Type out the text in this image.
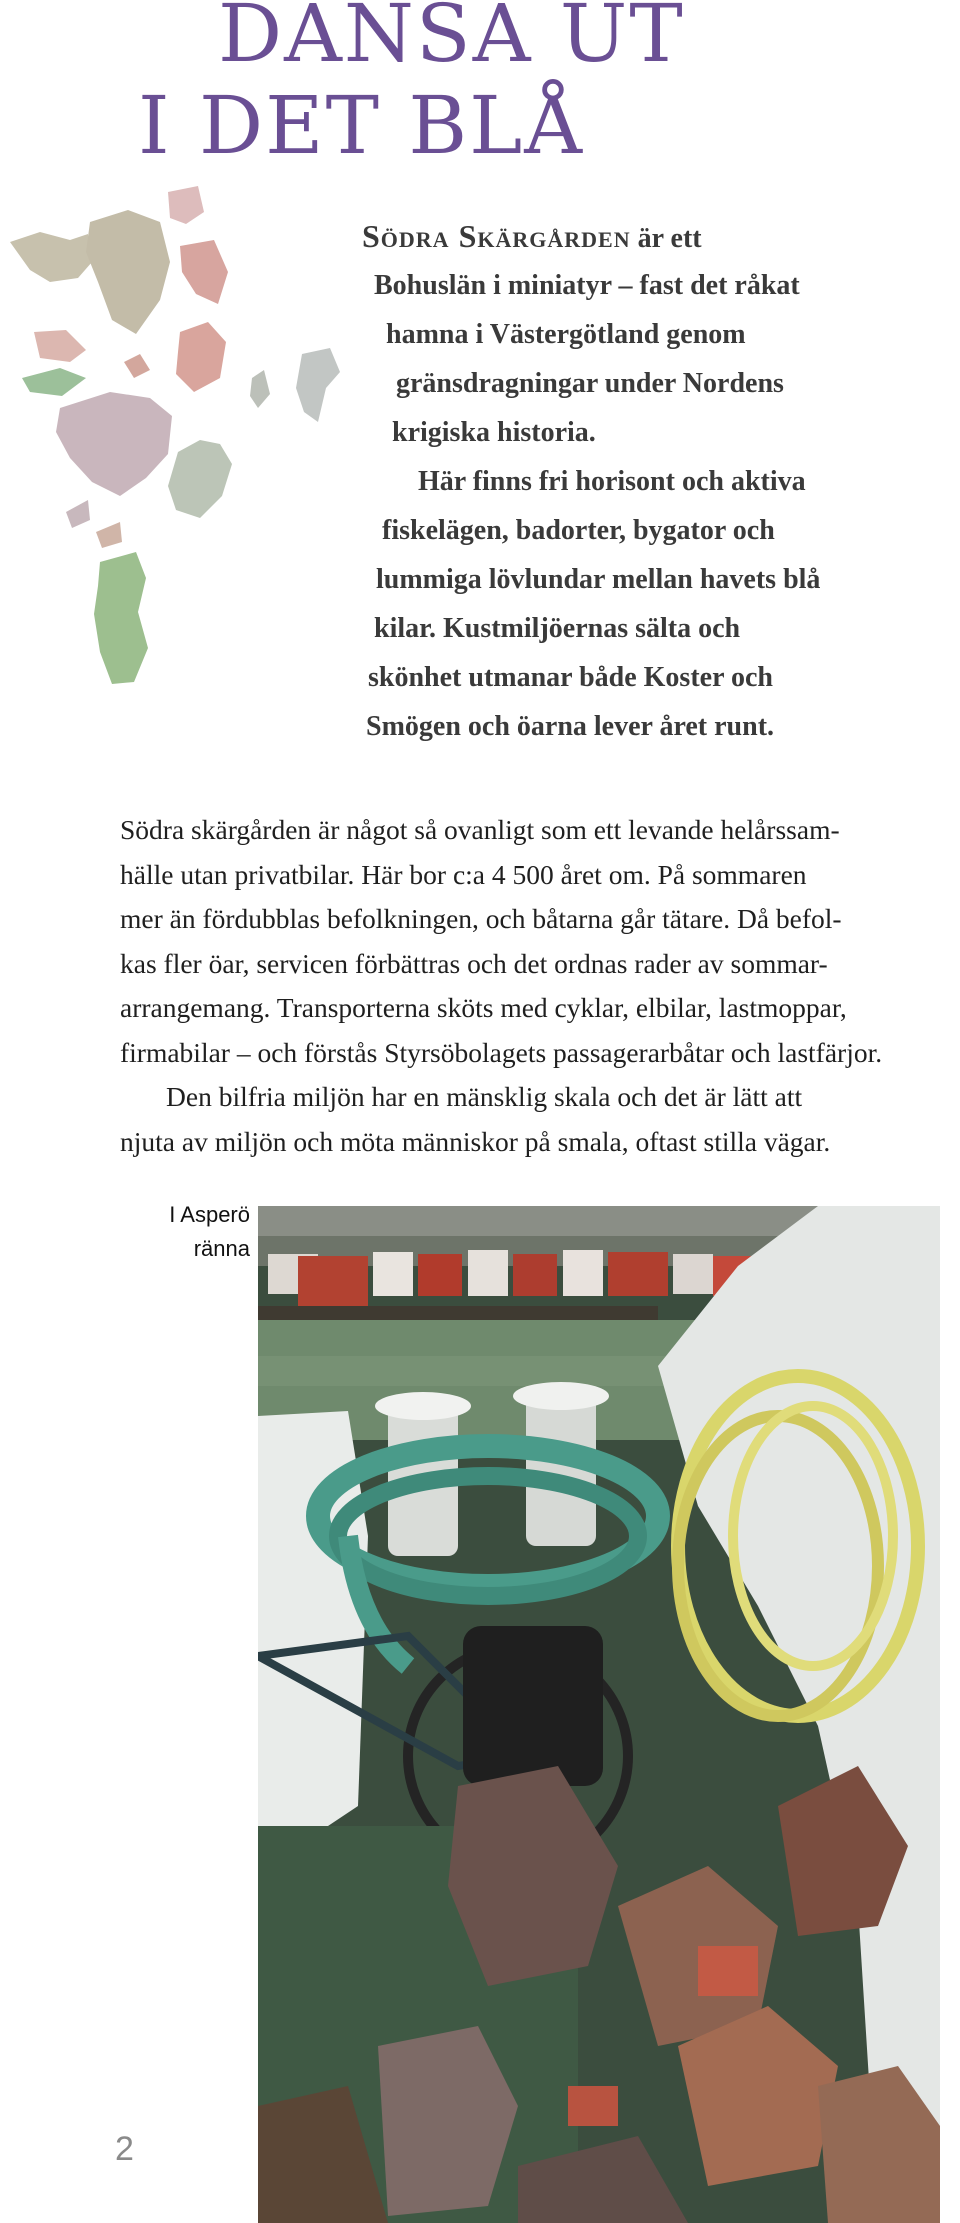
DANSA UT
I DET BLÅ
Södra Skärgården är ett
Bohuslän i miniatyr – fast det råkat
hamna i Västergötland genom
gränsdragningar under Nordens
krigiska historia.
Här finns fri horisont och aktiva
fiskelägen, badorter, bygator och
lummiga lövlundar mellan havets blå
kilar. Kustmiljöernas sälta och
skönhet utmanar både Koster och
Smögen och öarna lever året runt.
Södra skärgården är något så ovanligt som ett levande helårssam-
hälle utan privatbilar. Här bor c:a 4 500 året om. På sommaren
mer än fördubblas befolkningen, och båtarna går tätare. Då befol-
kas fler öar, servicen förbättras och det ordnas rader av sommar-
arrangemang. Transporterna sköts med cyklar, elbilar, lastmoppar,
firmabilar – och förstås Styrsöbolagets passagerarbåtar och lastfärjor.
Den bilfria miljön har en mänsklig skala och det är lätt att
njuta av miljön och möta människor på smala, oftast stilla vägar.
I Asperö
ränna
2
